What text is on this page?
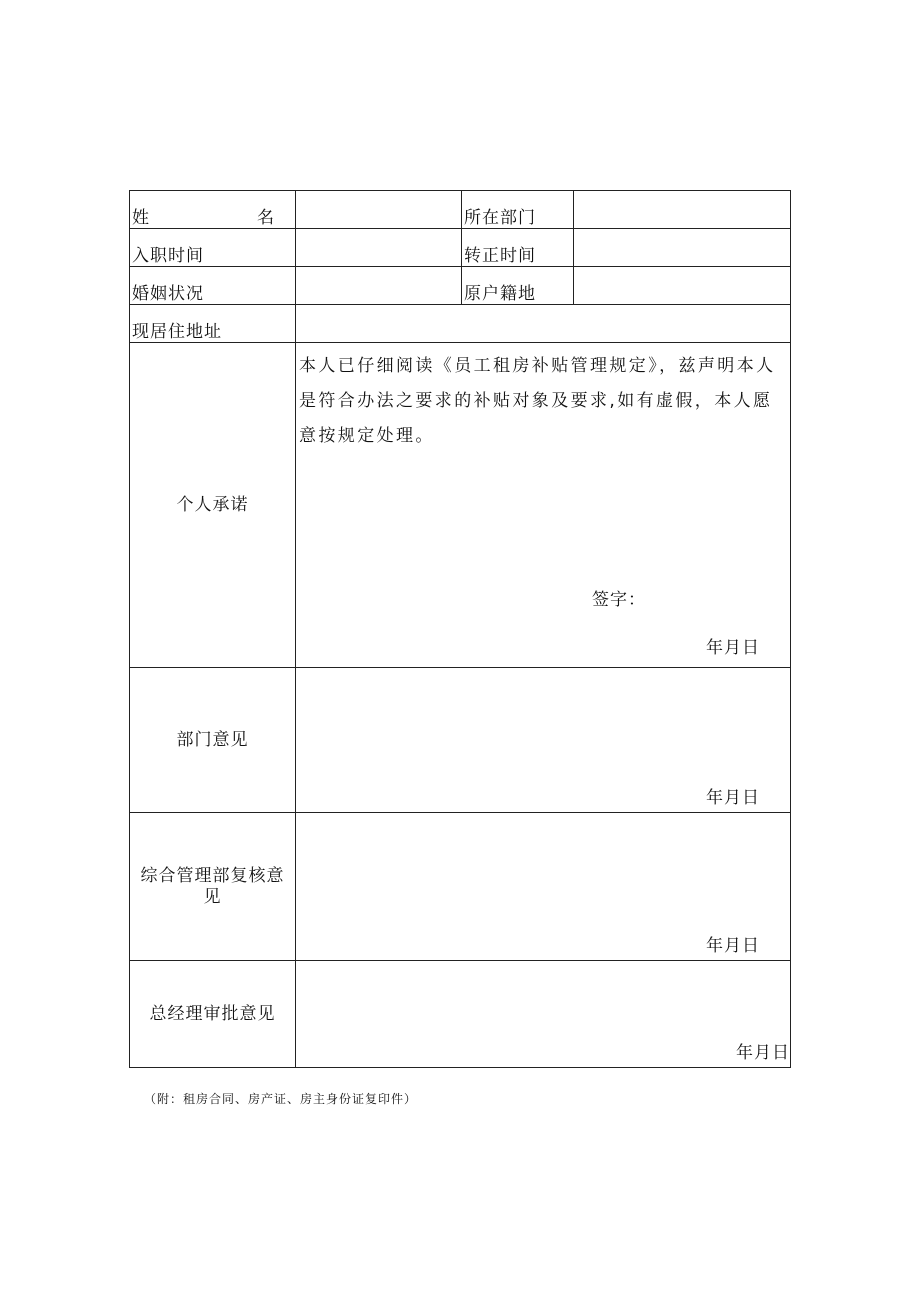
姓 名		所在部门	
入职时间		转正时间	
婚姻状况		原户籍地	
现居住地址			
个人承诺	本人已仔细阅读《员工租房补贴管理规定》，兹声明本人是符合办法之要求的补贴对象及要求,如有虚假，本人愿意按规定处理。
签字：
年月日		

部门意见	年月日		

综合管理部复核意
见	年月日		

总经理审批意见	年月日		
（附：租房合同、房产证、房主身份证复印件）
